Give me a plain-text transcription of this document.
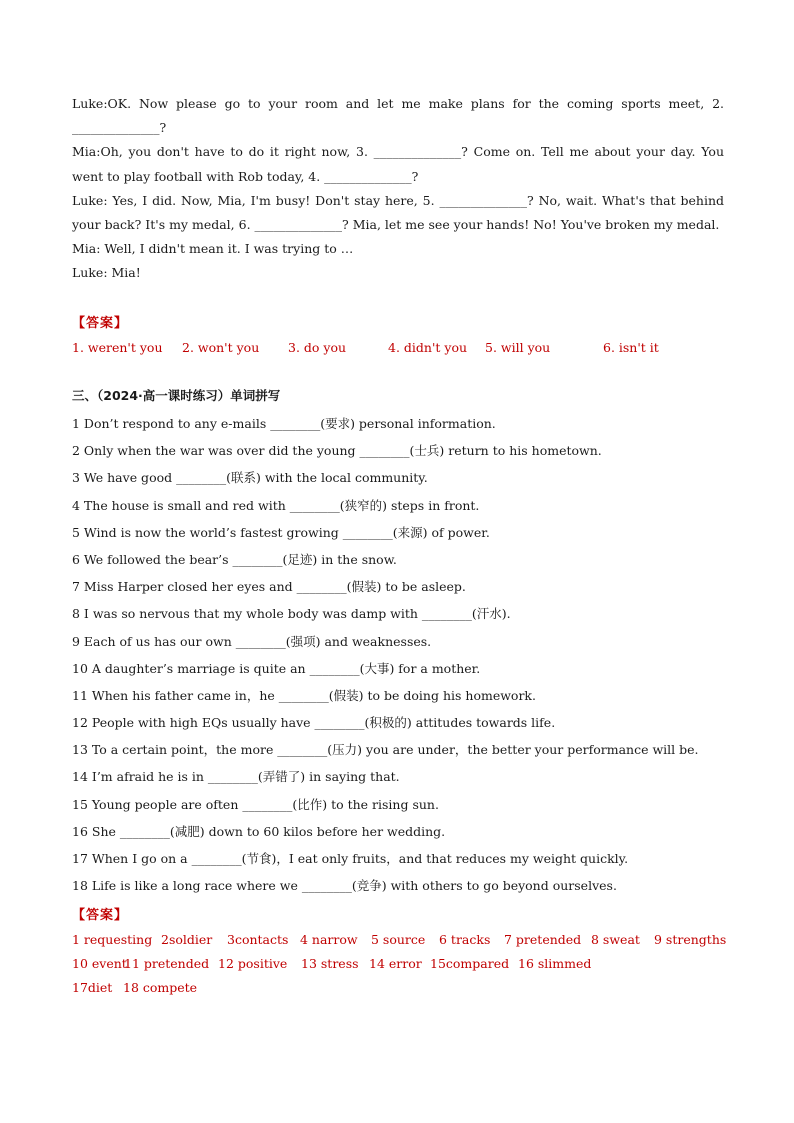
Luke:OK. Now please go to your room and let me make plans for the coming sports meet, 2. ______________?

Mia:Oh, you don't have to do it right now, 3. ______________? Come on. Tell me about your day. You went to play football with Rob today, 4. ______________?

Luke: Yes, I did. Now, Mia, I'm busy! Don't stay here, 5. ______________? No, wait. What's that behind your back? It's my medal, 6. ______________? Mia, let me see your hands! No! You've broken my medal.

Mia: Well, I didn't mean it. I was trying to …

Luke: Mia!

【答案】
1. weren't you 2. won't you 3. do you	4. didn't you 5. will you	6. isn't it
三、（2024·高一课时练习）单词拼写
1 Don’t respond to any e-mails ________(要求) personal information.
2 Only when the war was over did the young ________(士兵) return to his hometown.
3 We have good ________(联系) with the local community.
4 The house is small and red with ________(狭窄的) steps in front.
5 Wind is now the world’s fastest growing ________(来源) of power.
6 We followed the bear’s ________(足迹) in the snow.
7 Miss Harper closed her eyes and ________(假装) to be asleep.
8 I was so nervous that my whole body was damp with ________(汗水).
9 Each of us has our own ________(强项) and weaknesses.
10 A daughter’s marriage is quite an ________(大事) for a mother.
11 When his father came in，he ________(假装) to be doing his homework.
12 People with high EQs usually have ________(积极的) attitudes towards life.
13 To a certain point，the more ________(压力) you are under，the better your performance will be.
14 I’m afraid he is in ________(弄错了) in saying that.
15 Young people are often ________(比作) to the rising sun.
16 She ________(减肥) down to 60 kilos before her wedding.
17 When I go on a ________(节食)，I eat only fruits，and that reduces my weight quickly.
18 Life is like a long race where we ________(竞争) with others to go beyond ourselves.
【答案】
1 requesting 2soldier 3contacts 4 narrow 5 source 6 tracks 7 pretended 8 sweat 9 strengths
10 event
11 pretended 12 positive 13 stress 14 error 15compared 16 slimmed
17diet 18 compete
